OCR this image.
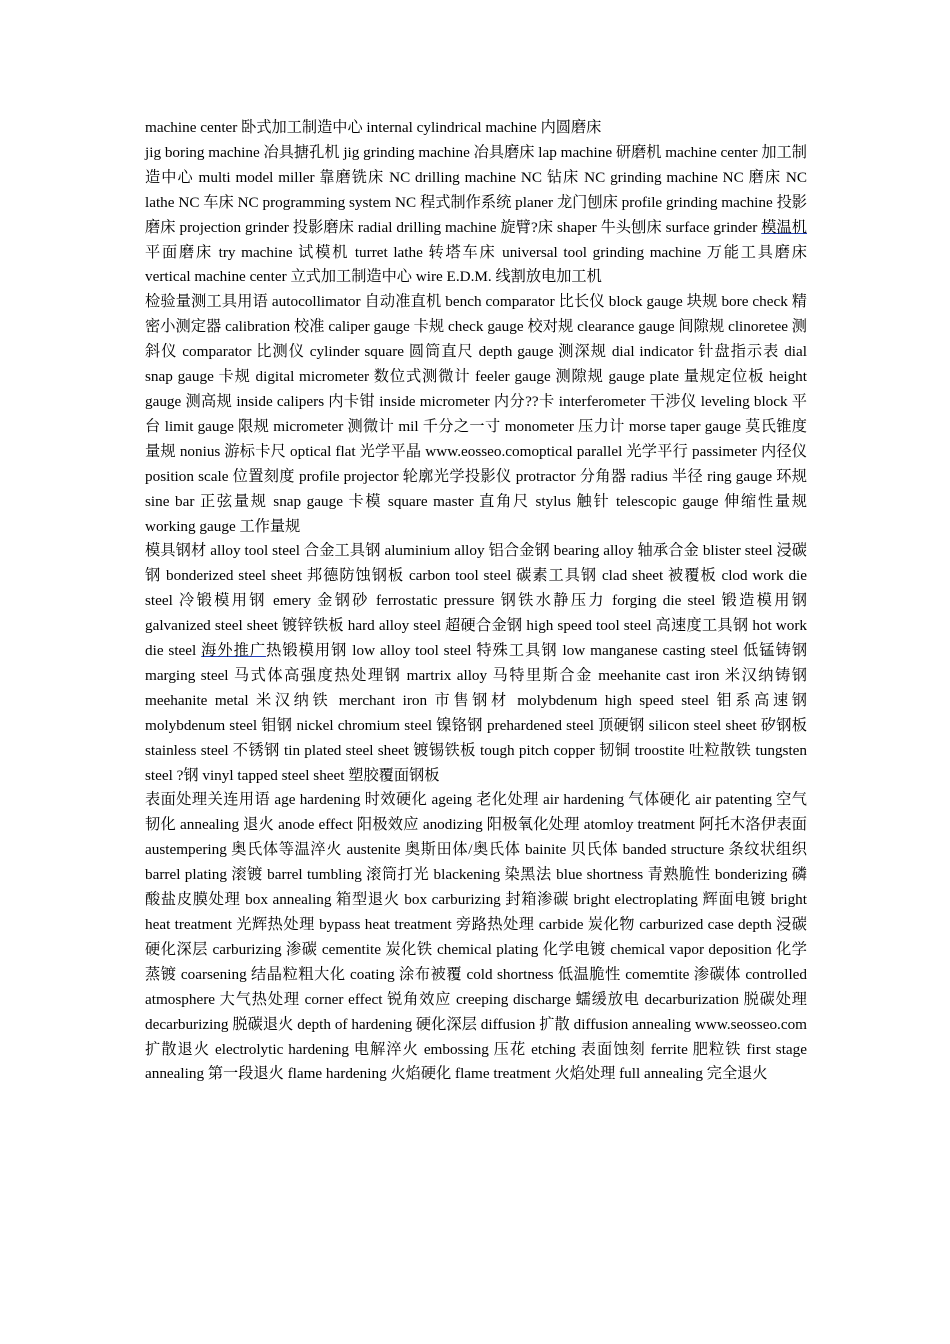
machine center 卧式加工制造中心 internal cylindrical machine 内圆磨床

jig boring machine 冶具搪孔机 jig grinding machine 冶具磨床 lap machine 研磨机 machine center 加工制造中心 multi model miller 靠磨铣床 NC drilling machine NC 钻床 NC grinding machine NC 磨床 NC lathe NC 车床 NC programming system NC 程式制作系统 planer 龙门刨床 profile grinding machine 投影磨床 projection grinder 投影磨床 radial drilling machine 旋臂?床 shaper 牛头刨床 surface grinder 模温机平面磨床 try machine 试模机 turret lathe 转塔车床 universal tool grinding machine 万能工具磨床 vertical machine center 立式加工制造中心 wire E.D.M. 线割放电加工机

检验量测工具用语 autocollimator 自动准直机 bench comparator 比长仪 block gauge 块规 bore check 精密小测定器 calibration 校准 caliper gauge 卡规 check gauge 校对规 clearance gauge 间隙规 clinoretee 测斜仪 comparator 比测仪 cylinder square 圆筒直尺 depth gauge 测深规 dial indicator 针盘指示表 dial snap gauge 卡规 digital micrometer 数位式测微计 feeler gauge 测隙规 gauge plate 量规定位板 height gauge 测高规 inside calipers 内卡钳 inside micrometer 内分??卡 interferometer 干涉仪 leveling block 平台 limit gauge 限规 micrometer 测微计 mil 千分之一寸 monometer 压力计 morse taper gauge 莫氏锥度量规 nonius 游标卡尺 optical flat 光学平晶 www.eosseo.comoptical parallel 光学平行 passimeter 内径仪 position scale 位置刻度 profile projector 轮廓光学投影仪 protractor 分角器 radius 半径 ring gauge 环规 sine bar 正弦量规 snap gauge 卡模 square master 直角尺 stylus 触针 telescopic gauge 伸缩性量规 working gauge 工作量规

模具钢材 alloy tool steel 合金工具钢 aluminium alloy 铝合金钢 bearing alloy 轴承合金 blister steel 浸碳钢 bonderized steel sheet 邦德防蚀钢板 carbon tool steel 碳素工具钢 clad sheet 被覆板 clod work die steel 冷锻模用钢 emery 金钢砂 ferrostatic pressure 钢铁水静压力 forging die steel 锻造模用钢 galvanized steel sheet 镀锌铁板 hard alloy steel 超硬合金钢 high speed tool steel 高速度工具钢 hot work die steel 海外推广热锻模用钢 low alloy tool steel 特殊工具钢 low manganese casting steel 低锰铸钢 marging steel 马式体高强度热处理钢 martrix alloy 马特里斯合金 meehanite cast iron 米汉纳铸钢 meehanite metal 米汉纳铁 merchant iron 市售钢材 molybdenum high speed steel 钼系高速钢 molybdenum steel 钼钢 nickel chromium steel 镍铬钢 prehardened steel 顶硬钢 silicon steel sheet 矽钢板 stainless steel 不锈钢 tin plated steel sheet 镀锡铁板 tough pitch copper 韧铜 troostite 吐粒散铁 tungsten steel ?钢 vinyl tapped steel sheet 塑胶覆面钢板

表面处理关连用语 age hardening 时效硬化 ageing 老化处理 air hardening 气体硬化 air patenting 空气韧化 annealing 退火 anode effect 阳极效应 anodizing 阳极氧化处理 atomloy treatment 阿托木洛伊表面 austempering 奥氏体等温淬火 austenite 奥斯田体/奥氏体 bainite 贝氏体 banded structure 条纹状组织 barrel plating 滚镀 barrel tumbling 滚筒打光 blackening 染黑法 blue shortness 青熟脆性 bonderizing 磷酸盐皮膜处理 box annealing 箱型退火 box carburizing 封箱渗碳 bright electroplating 辉面电镀 bright heat treatment 光辉热处理 bypass heat treatment 旁路热处理 carbide 炭化物 carburized case depth 浸碳硬化深层 carburizing 渗碳 cementite 炭化铁 chemical plating 化学电镀 chemical vapor deposition 化学蒸镀 coarsening 结晶粒粗大化 coating 涂布被覆 cold shortness 低温脆性 comemtite 渗碳体 controlled atmosphere 大气热处理 corner effect 锐角效应 creeping discharge 蠕缓放电 decarburization 脱碳处理 decarburizing 脱碳退火 depth of hardening 硬化深层 diffusion 扩散 diffusion annealing www.seosseo.com 扩散退火 electrolytic hardening 电解淬火 embossing 压花 etching 表面蚀刻 ferrite 肥粒铁 first stage annealing 第一段退火 flame hardening 火焰硬化 flame treatment 火焰处理 full annealing 完全退火
